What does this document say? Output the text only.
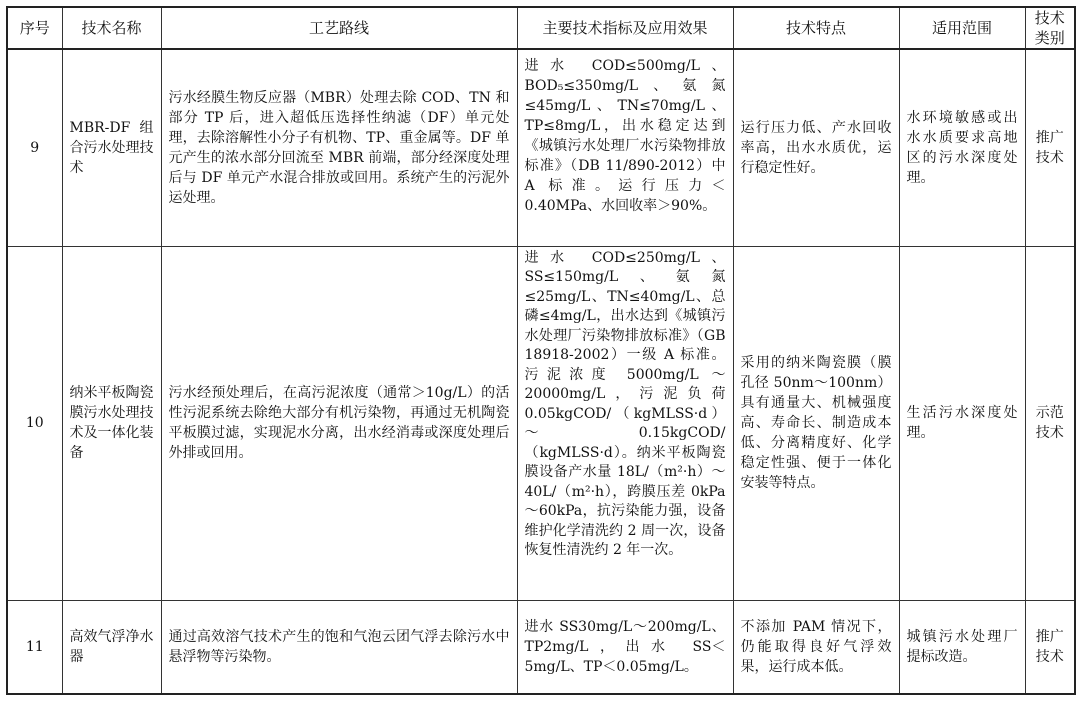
序号	技术名称	工艺路线	主要技术指标及应用效果	技术特点	适用范围	技术
类别
9	MBR-DF 组合污水处理技术	污水经膜生物反应器（MBR）处理去除 COD、TN 和部分 TP 后，进入超低压选择性纳滤（DF）单元处理，去除溶解性小分子有机物、TP、重金属等。DF 单元产生的浓水部分回流至 MBR 前端，部分经深度处理后与 DF 单元产水混合排放或回用。系统产生的污泥外运处理。	进水 COD≤500mg/L、BOD₅≤350mg/L、氨氮≤45mg/L、TN≤70mg/L、TP≤8mg/L，出水稳定达到《城镇污水处理厂水污染物排放标准》（DB 11/890-2012）中 A 标准。运行压力＜0.40MPa、水回收率＞90%。	运行压力低、产水回收率高，出水水质优，运行稳定性好。	水环境敏感或出水水质要求高地区的污水深度处理。	推广
技术
10	纳米平板陶瓷膜污水处理技术及一体化装备	污水经预处理后，在高污泥浓度（通常＞10g/L）的活性污泥系统去除绝大部分有机污染物，再通过无机陶瓷平板膜过滤，实现泥水分离，出水经消毒或深度处理后外排或回用。	进水 COD≤250mg/L、SS≤150mg/L、氨氮≤25mg/L、TN≤40mg/L、总磷≤4mg/L，出水达到《城镇污水处理厂污染物排放标准》（GB 18918-2002）一级 A 标准。污泥浓度 5000mg/L ～20000mg/L，污泥负荷 0.05kgCOD/（kgMLSS·d）～0.15kgCOD/（kgMLSS·d）。纳米平板陶瓷膜设备产水量 18L/（m²·h）～40L/（m²·h），跨膜压差 0kPa～60kPa，抗污染能力强，设备维护化学清洗约 2 周一次，设备恢复性清洗约 2 年一次。	采用的纳米陶瓷膜（膜孔径 50nm～100nm）具有通量大、机械强度高、寿命长、制造成本低、分离精度好、化学稳定性强、便于一体化安装等特点。	生活污水深度处理。	示范
技术
11	高效气浮净水器	通过高效溶气技术产生的饱和气泡云团气浮去除污水中悬浮物等污染物。	进水 SS30mg/L～200mg/L、TP2mg/L，出水 SS＜5mg/L、TP＜0.05mg/L。	不添加 PAM 情况下，仍能取得良好气浮效果，运行成本低。	城镇污水处理厂提标改造。	推广
技术
